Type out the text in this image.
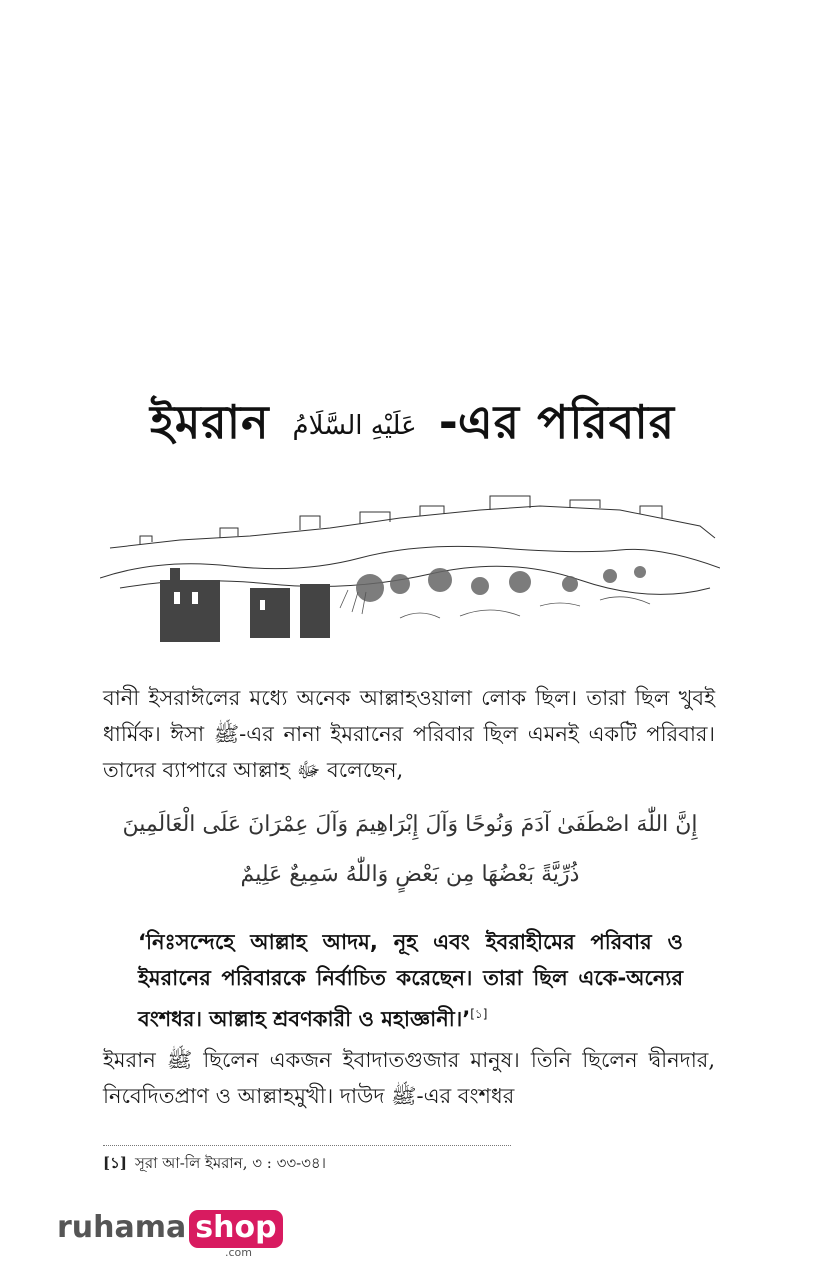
ইমরান عَلَيْهِ السَّلَامُ -এর পরিবার

বানী ইসরাঈলের মধ্যে অনেক আল্লাহওয়ালা লোক ছিল। তারা ছিল খুবই ধার্মিক। ঈসা ﷺ-এর নানা ইমরানের পরিবার ছিল এমনই একটি পরিবার। তাদের ব্যাপারে আল্লাহ ﷻ বলেছেন,

إِنَّ اللّٰهَ اصْطَفَىٰ آدَمَ وَنُوحًا وَآلَ إِبْرَاهِيمَ وَآلَ عِمْرَانَ عَلَى الْعَالَمِينَ

ذُرِّيَّةً بَعْضُهَا مِن بَعْضٍ وَاللّٰهُ سَمِيعٌ عَلِيمٌ

‘নিঃসন্দেহে আল্লাহ আদম, নূহ এবং ইবরাহীমের পরিবার ও ইমরানের পরিবারকে নির্বাচিত করেছেন। তারা ছিল একে-অন্যের বংশধর। আল্লাহ শ্রবণকারী ও মহাজ্ঞানী।’[১]

ইমরান ﷺ ছিলেন একজন ইবাদাতগুজার মানুষ। তিনি ছিলেন দ্বীনদার, নিবেদিতপ্রাণ ও আল্লাহমুখী। দাউদ ﷺ-এর বংশধর

[১] সূরা আ-লি ইমরান, ৩ : ৩৩-৩৪।
ruhama shop
.com
